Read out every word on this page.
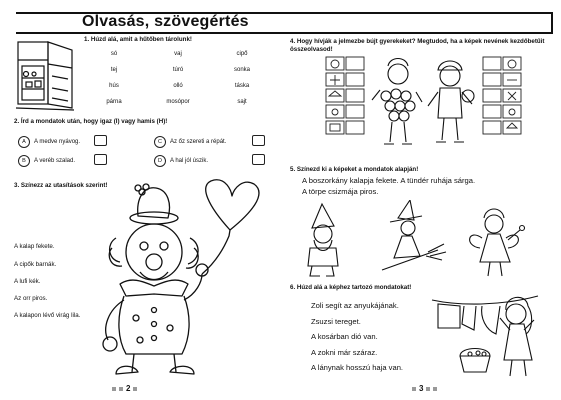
Olvasás, szövegértés
1. Húzd alá, amit a hűtőben tárolunk!
só	vaj	cipő
tej	túró	sonka
hús	olló	táska
párna	mosópor	sajt
2. Írd a mondatok után, hogy igaz (I) vagy hamis (H)!
A	A medve nyávog.	C	Az őz szereti a répát.
B	A veréb szalad.	D	A hal jól úszik.
3. Színezz az utasítások szerint!
A kalap fekete.
A cipők barnák.
A lufi kék.
Az orr piros.
A kalapon lévő virág lila.
2
4. Hogy hívják a jelmezbe bújt gyerekeket? Megtudod, ha a képek nevének kezdőbetűit összeolvasod!
5. Színezd ki a képeket a mondatok alapján!
A boszorkány kalapja fekete. A tündér ruhája sárga.
A törpe csizmája piros.
6. Húzd alá a képhez tartozó mondatokat!
Zoli segít az anyukájának.
Zsuzsi tereget.
A kosárban dió van.
A zokni már száraz.
A lánynak hosszú haja van.
3
